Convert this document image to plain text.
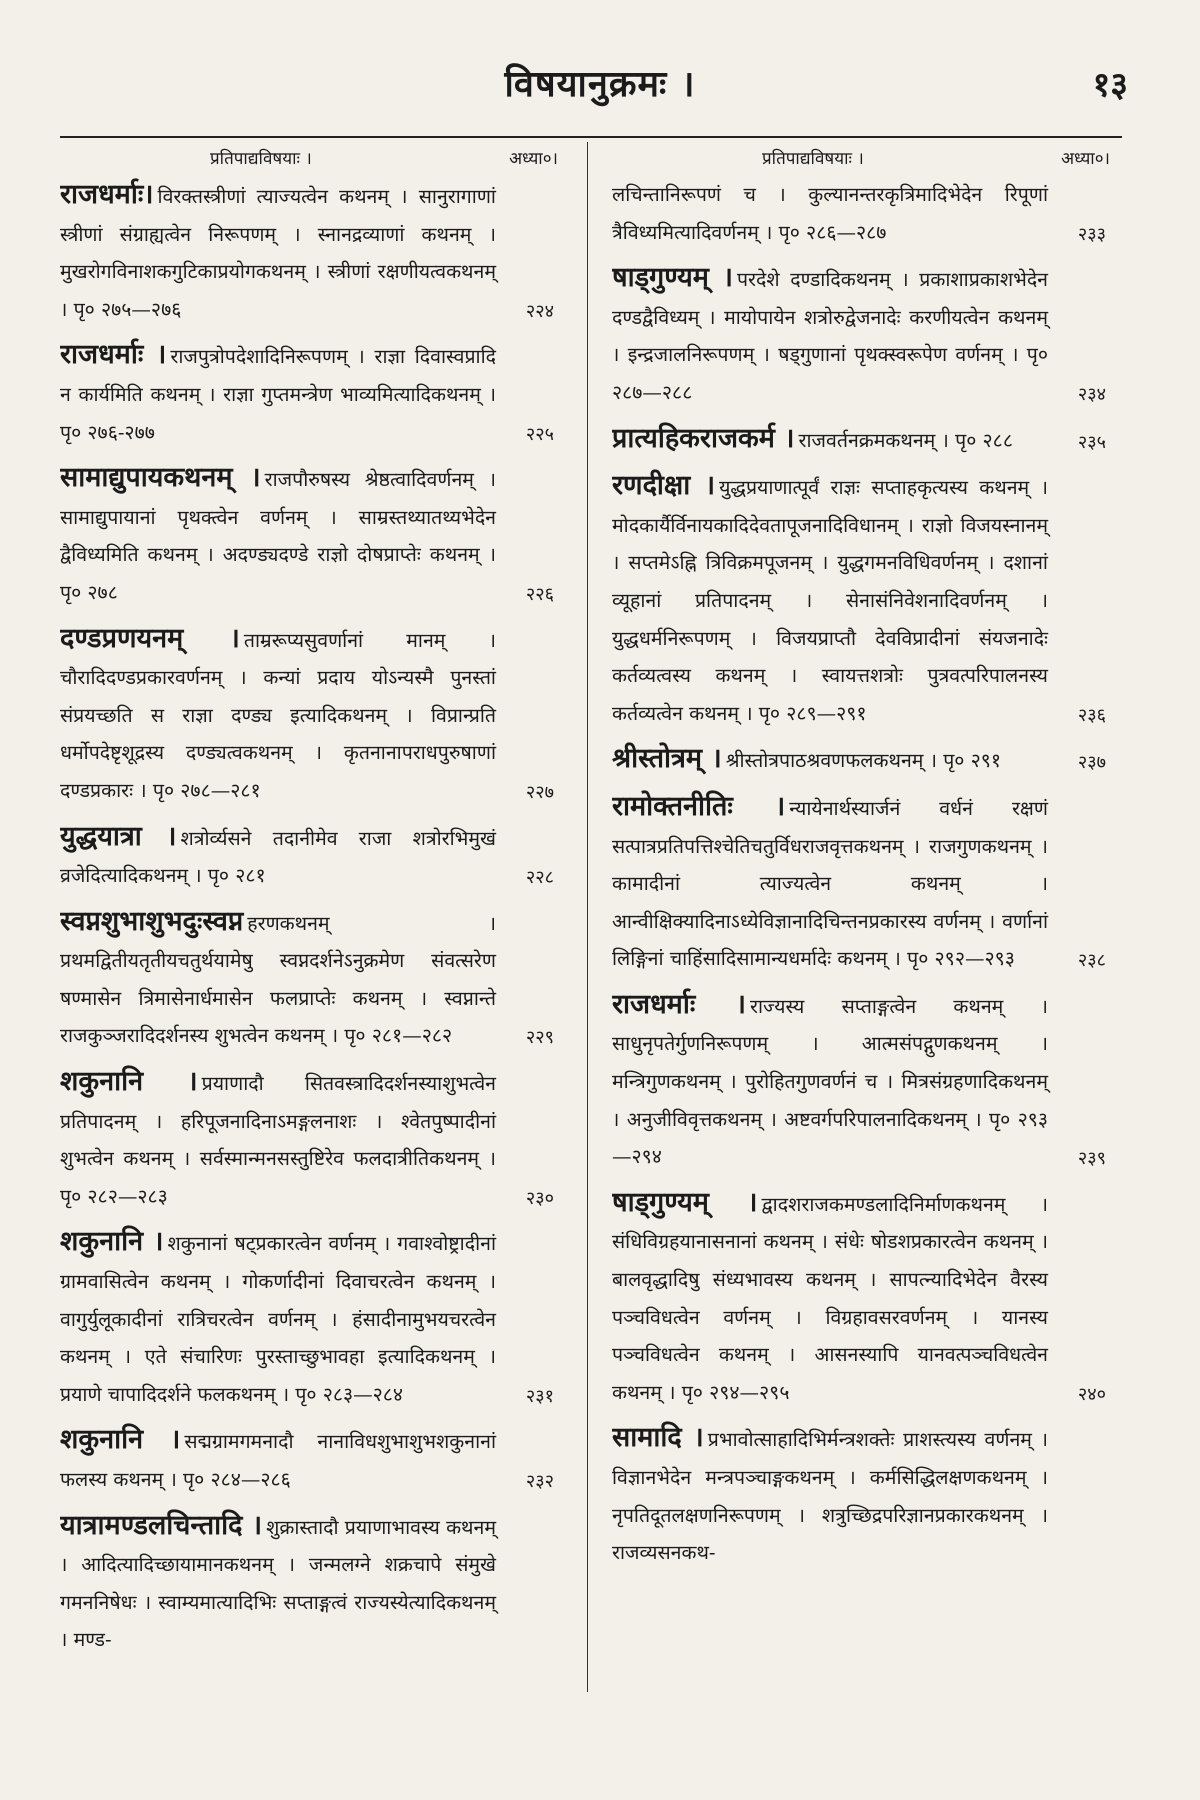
विषयानुक्रमः ।	१३
प्रतिपाद्यविषयाः ।	अध्या०।
राजधर्माः। विरक्तस्त्रीणां त्याज्यत्वेन कथनम् । सानुरागाणां स्त्रीणां संग्राह्यत्वेन निरूपणम् । स्नानद्रव्याणां कथनम् । मुखरोगविनाशकगुटिकाप्रयोगकथनम् । स्त्रीणां रक्षणीयत्वकथनम् । पृ० २७५—२७६	२२४
राजधर्माः । राजपुत्रोपदेशादिनिरूपणम् । राज्ञा दिवास्वप्रादि न कार्यमिति कथनम् । राज्ञा गुप्तमन्त्रेण भाव्यमित्यादिकथनम् । पृ० २७६-२७७	२२५
सामाद्युपायकथनम् । राजपौरुषस्य श्रेष्ठत्वादिवर्णनम् । सामाद्युपायानां पृथक्त्वेन वर्णनम् । साम्रस्तथ्यातथ्यभेदेन द्वैविध्यमिति कथनम् । अदण्ड्यदण्डे राज्ञो दोषप्राप्तेः कथनम् । पृ० २७८	२२६
दण्डप्रणयनम् । ताम्ररूप्यसुवर्णानां मानम् । चौरादिदण्डप्रकारवर्णनम् । कन्यां प्रदाय योऽन्यस्मै पुनस्तां संप्रयच्छति स राज्ञा दण्ड्य इत्यादिकथनम् । विप्रान्प्रति धर्मोपदेष्टृशूद्रस्य दण्ड्यत्वकथनम् । कृतनानापराधपुरुषाणां दण्डप्रकारः । पृ० २७८—२८१	२२७
युद्धयात्रा । शत्रोर्व्यसने तदानीमेव राजा शत्रोरभिमुखं व्रजेदित्यादिकथनम् । पृ० २८१	२२८
स्वप्नशुभाशुभदुःस्वप्न हरणकथनम् । प्रथमद्वितीयतृतीयचतुर्थयामेषु स्वप्नदर्शनेऽनुक्रमेण संवत्सरेण षण्मासेन त्रिमासेनार्धमासेन फलप्राप्तेः कथनम् । स्वप्नान्ते राजकुञ्जरादिदर्शनस्य शुभत्वेन कथनम् । पृ० २८१—२८२	२२९
शकुनानि । प्रयाणादौ सितवस्त्रादिदर्शनस्याशुभत्वेन प्रतिपादनम् । हरिपूजनादिनाऽमङ्गलनाशः । श्वेतपुष्पादीनां शुभत्वेन कथनम् । सर्वस्मान्मनसस्तुष्टिरेव फलदात्रीतिकथनम् । पृ० २८२—२८३	२३०
शकुनानि । शकुनानां षट्प्रकारत्वेन वर्णनम् । गवाश्वोष्ट्रादीनां ग्रामवासित्वेन कथनम् । गोकर्णादीनां दिवाचरत्वेन कथनम् । वागुर्युलूकादीनां रात्रिचरत्वेन वर्णनम् । हंसादीनामुभयचरत्वेन कथनम् । एते संचारिणः पुरस्ताच्छुभावहा इत्यादिकथनम् । प्रयाणे चापादिदर्शने फलकथनम् । पृ० २८३—२८४	२३१
शकुनानि । सद्मग्रामगमनादौ नानाविधशुभाशुभशकुनानां फलस्य कथनम् । पृ० २८४—२८६	२३२
यात्रामण्डलचिन्तादि । शुक्रास्तादौ प्रयाणाभावस्य कथनम् । आदित्यादिच्छायामानकथनम् । जन्मलग्ने शक्रचापे संमुखे गमननिषेधः । स्वाम्यमात्यादिभिः सप्ताङ्गत्वं राज्यस्येत्यादिकथनम् । मण्ड-
प्रतिपाद्यविषयाः ।	अध्या०।
लचिन्तानिरूपणं च । कुल्यानन्तरकृत्रिमादिभेदेन रिपूणां त्रैविध्यमित्यादिवर्णनम् । पृ० २८६—२८७	२३३
षाड्गुण्यम् । परदेशे दण्डादिकथनम् । प्रकाशाप्रकाशभेदेन दण्डद्वैविध्यम् । मायोपायेन शत्रोरुद्वेजनादेः करणीयत्वेन कथनम् । इन्द्रजालनिरूपणम् । षड्गुणानां पृथक्स्वरूपेण वर्णनम् । पृ० २८७—२८८	२३४
प्रात्यहिकराजकर्म । राजवर्तनक्रमकथनम् । पृ० २८८	२३५
रणदीक्षा । युद्धप्रयाणात्पूर्वं राज्ञः सप्ताहकृत्यस्य कथनम् । मोदकार्यैर्विनायकादिदेवतापूजनादिविधानम् । राज्ञो विजयस्नानम् । सप्तमेऽह्नि त्रिविक्रमपूजनम् । युद्धगमनविधिवर्णनम् । दशानां व्यूहानां प्रतिपादनम् । सेनासंनिवेशनादिवर्णनम् । युद्धधर्मनिरूपणम् । विजयप्राप्तौ देवविप्रादीनां संयजनादेः कर्तव्यत्वस्य कथनम् । स्वायत्तशत्रोः पुत्रवत्परिपालनस्य कर्तव्यत्वेन कथनम् । पृ० २८९—२९१	२३६
श्रीस्तोत्रम् । श्रीस्तोत्रपाठश्रवणफलकथनम् । पृ० २९१	२३७
रामोक्तनीतिः । न्यायेनार्थस्यार्जनं वर्धनं रक्षणं सत्पात्रप्रतिपत्तिश्चेतिचतुर्विधराजवृत्तकथनम् । राजगुणकथनम् । कामादीनां त्याज्यत्वेन कथनम् । आन्वीक्षिक्यादिनाऽध्येविज्ञानादिचिन्तनप्रकारस्य वर्णनम् । वर्णानां लिङ्गिनां चाहिंसादिसामान्यधर्मादेः कथनम् । पृ० २९२—२९३	२३८
राजधर्माः । राज्यस्य सप्ताङ्गत्वेन कथनम् । साधुनृपतेर्गुणनिरूपणम् । आत्मसंपद्गुणकथनम् । मन्त्रिगुणकथनम् । पुरोहितगुणवर्णनं च । मित्रसंग्रहणादिकथनम् । अनुजीविवृत्तकथनम् । अष्टवर्गपरिपालनादिकथनम् । पृ० २९३—२९४	२३९
षाड्गुण्यम् । द्वादशराजकमण्डलादिनिर्माणकथनम् । संधिविग्रहयानासनानां कथनम् । संधेः षोडशप्रकारत्वेन कथनम् । बालवृद्धादिषु संध्यभावस्य कथनम् । सापत्न्यादिभेदेन वैरस्य पञ्चविधत्वेन वर्णनम् । विग्रहावसरवर्णनम् । यानस्य पञ्चविधत्वेन कथनम् । आसनस्यापि यानवत्पञ्चविधत्वेन कथनम् । पृ० २९४—२९५	२४०
सामादि । प्रभावोत्साहादिभिर्मन्त्रशक्तेः प्राशस्त्यस्य वर्णनम् । विज्ञानभेदेन मन्त्रपञ्चाङ्गकथनम् । कर्मसिद्धिलक्षणकथनम् । नृपतिदूतलक्षणनिरूपणम् । शत्रुच्छिद्रपरिज्ञानप्रकारकथनम् । राजव्यसनकथ-
